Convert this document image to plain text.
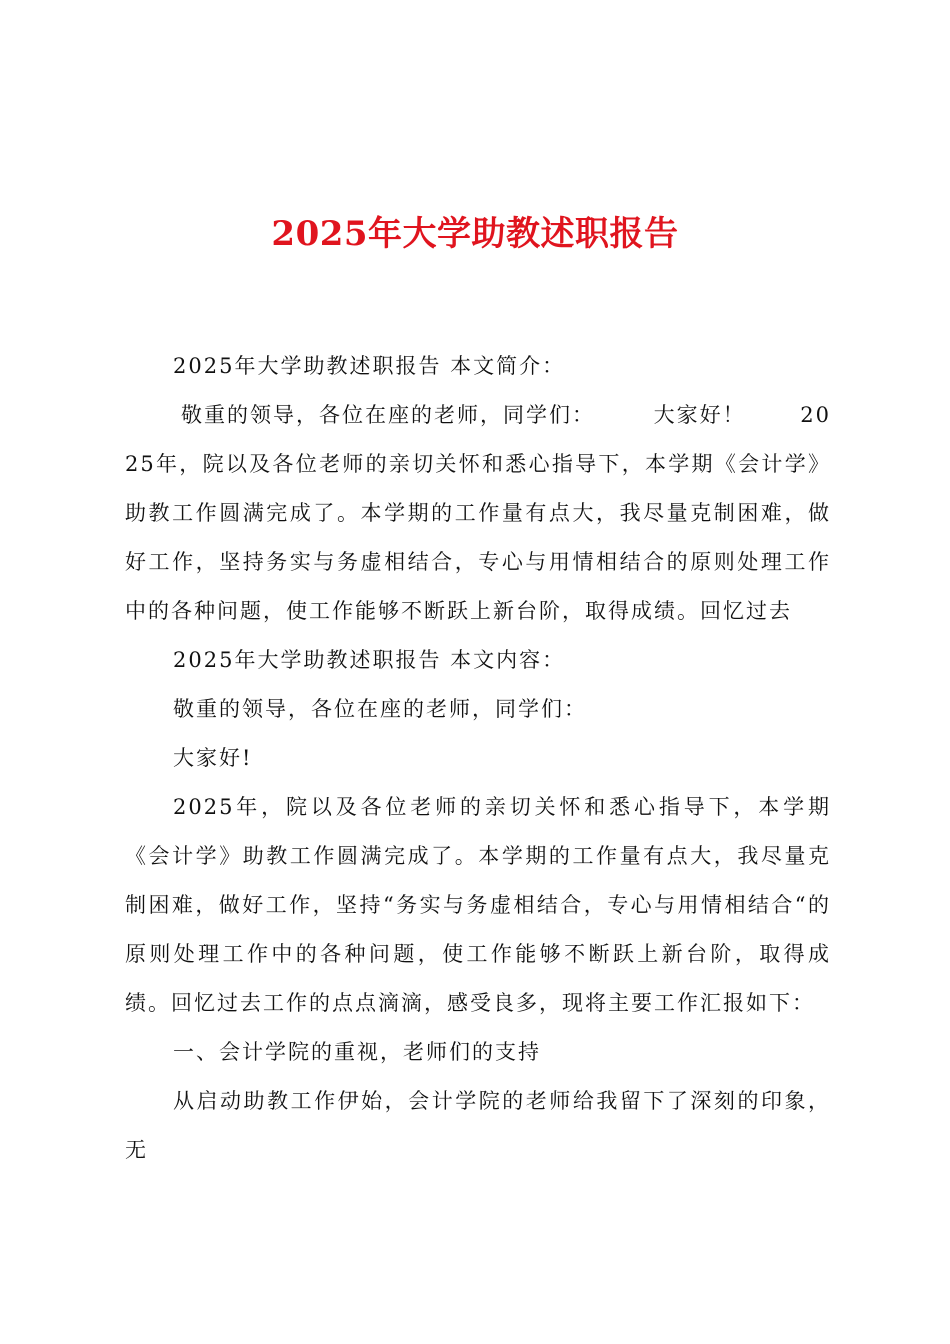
2025年大学助教述职报告

2025年大学助教述职报告 本文简介：

敬重的领导，各位在座的老师，同学们：　　　大家好！　　 2025年，院以及各位老师的亲切关怀和悉心指导下，本学期《会计学》助教工作圆满完成了。本学期的工作量有点大，我尽量克制困难，做好工作，坚持务实与务虚相结合，专心与用情相结合的原则处理工作中的各种问题，使工作能够不断跃上新台阶，取得成绩。回忆过去

2025年大学助教述职报告 本文内容：

敬重的领导，各位在座的老师，同学们：

大家好!

2025年，院以及各位老师的亲切关怀和悉心指导下，本学期《会计学》助教工作圆满完成了。本学期的工作量有点大，我尽量克制困难，做好工作，坚持“务实与务虚相结合，专心与用情相结合“的原则处理工作中的各种问题，使工作能够不断跃上新台阶，取得成绩。回忆过去工作的点点滴滴，感受良多，现将主要工作汇报如下：

一、会计学院的重视，老师们的支持

从启动助教工作伊始，会计学院的老师给我留下了深刻的印象，无
